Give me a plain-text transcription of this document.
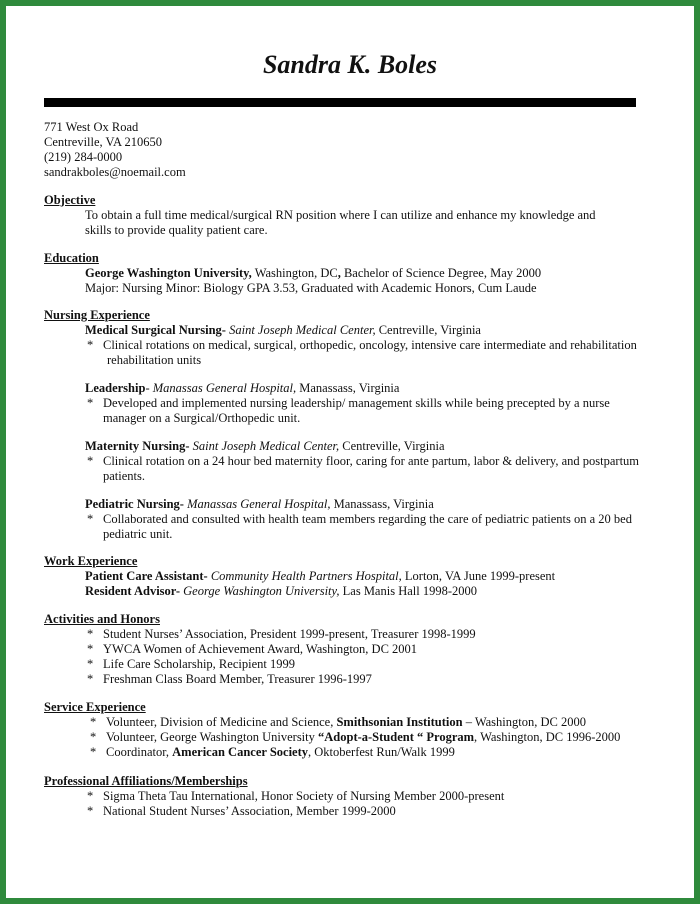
Sandra K. Boles
771 West Ox Road
Centreville, VA 210650
(219) 284-0000
sandrakboles@noemail.com
Objective
To obtain a full time medical/surgical RN position where I can utilize and enhance my knowledge and
skills to provide quality patient care.
Education
George Washington University, Washington, DC, Bachelor of Science Degree, May 2000
Major: Nursing Minor: Biology GPA 3.53, Graduated with Academic Honors, Cum Laude
Nursing Experience
Medical Surgical Nursing- Saint Joseph Medical Center, Centreville, Virginia
* Clinical rotations on medical, surgical, orthopedic, oncology, intensive care intermediate and rehabilitation
rehabilitation units
Leadership- Manassas General Hospital, Manassass, Virginia
* Developed and implemented nursing leadership/ management skills while being precepted by a nurse
manager on a Surgical/Orthopedic unit.
Maternity Nursing- Saint Joseph Medical Center, Centreville, Virginia
* Clinical rotation on a 24 hour bed maternity floor, caring for ante partum, labor & delivery, and postpartum
patients.
Pediatric Nursing- Manassas General Hospital, Manassass, Virginia
* Collaborated and consulted with health team members regarding the care of pediatric patients on a 20 bed
pediatric unit.
Work Experience
Patient Care Assistant- Community Health Partners Hospital, Lorton, VA June 1999-present
Resident Advisor- George Washington University, Las Manis Hall 1998-2000
Activities and Honors
* Student Nurses’ Association, President 1999-present, Treasurer 1998-1999
* YWCA Women of Achievement Award, Washington, DC 2001
* Life Care Scholarship, Recipient 1999
* Freshman Class Board Member, Treasurer 1996-1997
Service Experience
* Volunteer, Division of Medicine and Science, Smithsonian Institution – Washington, DC 2000
* Volunteer, George Washington University “Adopt-a-Student “ Program, Washington, DC 1996-2000
* Coordinator, American Cancer Society, Oktoberfest Run/Walk 1999
Professional Affiliations/Memberships
* Sigma Theta Tau International, Honor Society of Nursing Member 2000-present
* National Student Nurses’ Association, Member 1999-2000
